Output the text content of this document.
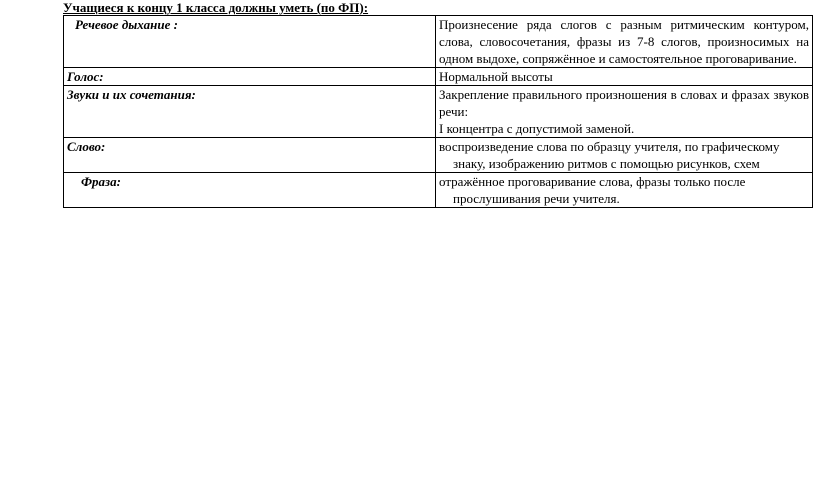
Учащиеся к концу 1 класса должны уметь (по ФП):
Речевое дыхание :	Произнесение ряда слогов с разным ритмическим контуром, слова, словосочетания, фразы из 7-8 слогов, произносимых на одном выдохе, сопряжённое и самостоятельное проговаривание.
Голос:	Нормальной высоты
Звуки и их сочетания:	Закрепление правильного произношения в словах и фразах звуков речи:
I концентра с допустимой заменой.

Слово:	воспроизведение слова по образцу учителя, по графическому
знаку, изображению ритмов с помощью рисунков, схем

Фраза:	отражённое проговаривание слова, фразы только после
прослушивания речи учителя.
